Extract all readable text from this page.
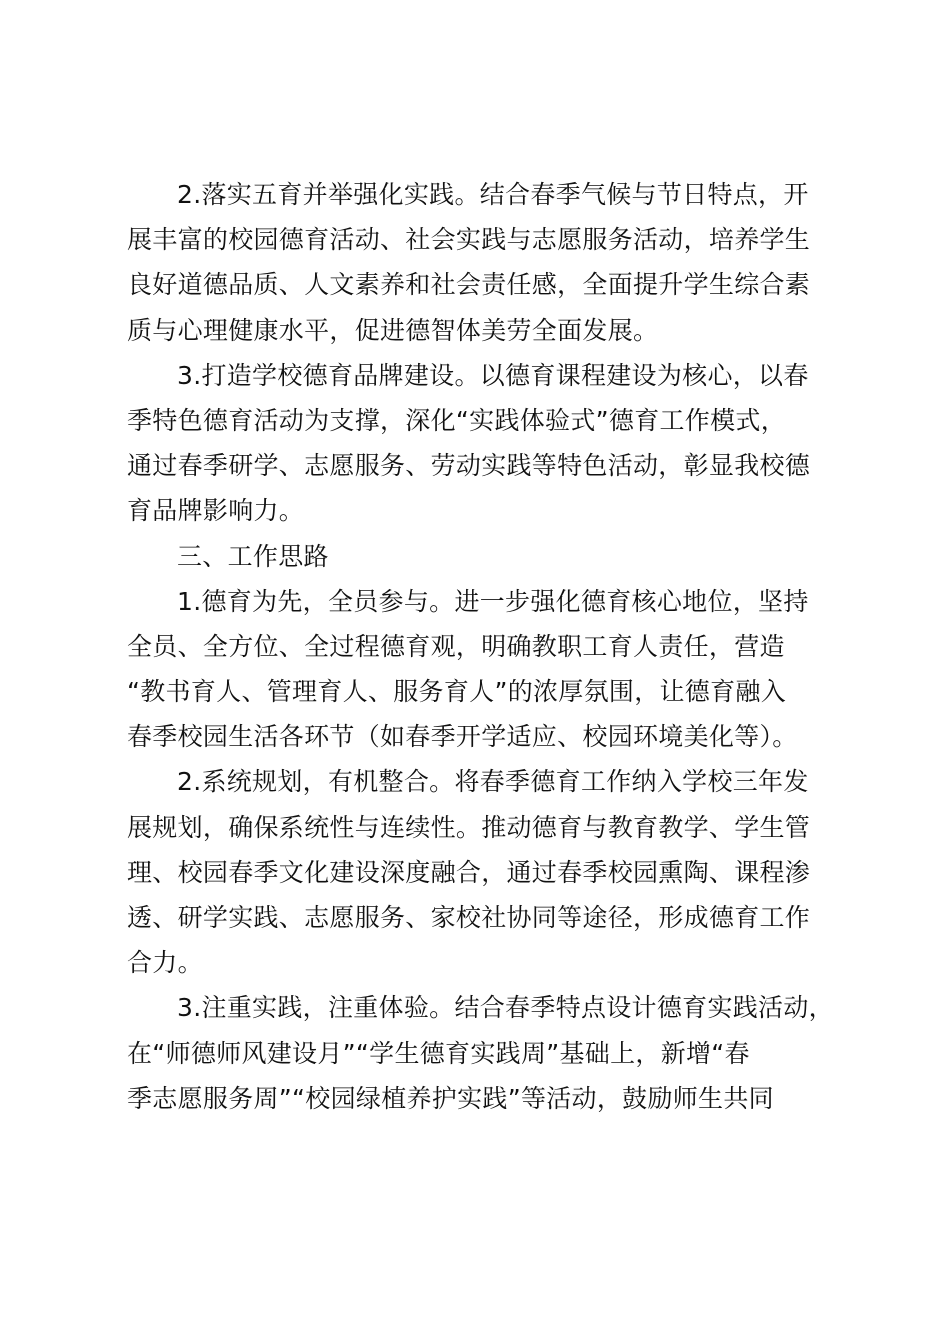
2.落实五育并举强化实践。结合春季气候与节日特点，开
展丰富的校园德育活动、社会实践与志愿服务活动，培养学生
良好道德品质、人文素养和社会责任感，全面提升学生综合素
质与心理健康水平，促进德智体美劳全面发展。
3.打造学校德育品牌建设。以德育课程建设为核心，以春
季特色德育活动为支撑，深化“实践体验式”德育工作模式，
通过春季研学、志愿服务、劳动实践等特色活动，彰显我校德
育品牌影响力。
三、工作思路
1.德育为先，全员参与。进一步强化德育核心地位，坚持
全员、全方位、全过程德育观，明确教职工育人责任，营造
“教书育人、管理育人、服务育人”的浓厚氛围，让德育融入
春季校园生活各环节（如春季开学适应、校园环境美化等）。
2.系统规划，有机整合。将春季德育工作纳入学校三年发
展规划，确保系统性与连续性。推动德育与教育教学、学生管
理、校园春季文化建设深度融合，通过春季校园熏陶、课程渗
透、研学实践、志愿服务、家校社协同等途径，形成德育工作
合力。
3.注重实践，注重体验。结合春季特点设计德育实践活动，
在“师德师风建设月”“学生德育实践周”基础上，新增“春
季志愿服务周”“校园绿植养护实践”等活动，鼓励师生共同
